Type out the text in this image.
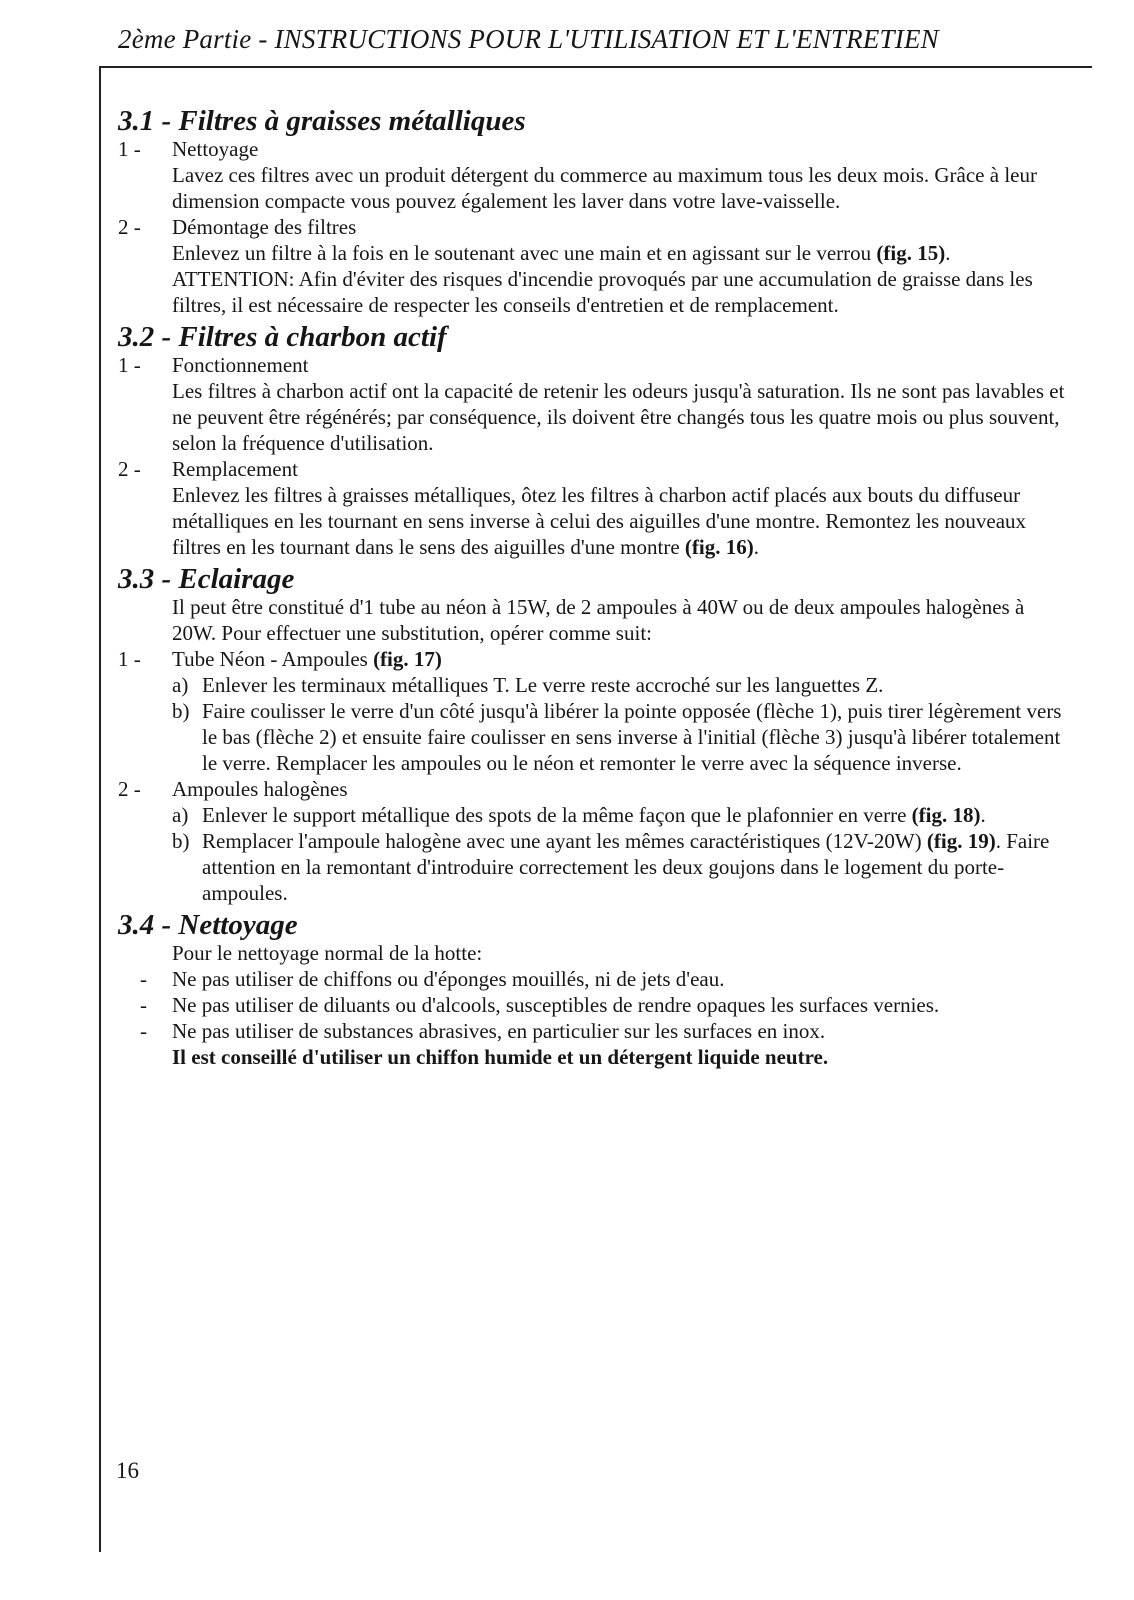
2ème Partie - INSTRUCTIONS POUR L'UTILISATION ET L'ENTRETIEN
3.1 - Filtres à graisses métalliques
1 -	Nettoyage
Lavez ces filtres avec un produit détergent du commerce au maximum tous les deux mois. Grâce à leur dimension compacte vous pouvez également les laver dans votre lave-vaisselle.
2 -	Démontage des filtres
Enlevez un filtre à la fois en le soutenant avec une main et en agissant sur le verrou (fig. 15).
ATTENTION: Afin d'éviter des risques d'incendie provoqués par une accumulation de graisse dans les filtres, il est nécessaire de respecter les conseils d'entretien et de remplacement.
3.2 - Filtres à charbon actif
1 -	Fonctionnement
Les filtres à charbon actif ont la capacité de retenir les odeurs jusqu'à saturation. Ils ne sont pas lavables et ne peuvent être régénérés; par conséquence, ils doivent être changés tous les quatre mois ou plus souvent, selon la fréquence d'utilisation.
2 -	Remplacement
Enlevez les filtres à graisses métalliques, ôtez les filtres à charbon actif placés aux bouts du diffuseur métalliques en les tournant en sens inverse à celui des aiguilles d'une montre. Remontez les nouveaux filtres en les tournant dans le sens des aiguilles d'une montre (fig. 16).
3.3 - Eclairage
Il peut être constitué d'1 tube au néon à 15W, de 2 ampoules à 40W ou de deux ampoules halogènes à 20W. Pour effectuer une substitution, opérer comme suit:
1 -	Tube Néon - Ampoules (fig. 17)
a) Enlever les terminaux métalliques T. Le verre reste accroché sur les languettes Z.
b) Faire coulisser le verre d'un côté jusqu'à libérer la pointe opposée (flèche 1), puis tirer légèrement vers le bas (flèche 2) et ensuite faire coulisser en sens inverse à l'initial (flèche 3) jusqu'à libérer totalement le verre. Remplacer les ampoules ou le néon et remonter le verre avec la séquence inverse.
2 -	Ampoules halogènes
a) Enlever le support métallique des spots de la même façon que le plafonnier en verre (fig. 18).
b) Remplacer l'ampoule halogène avec une ayant les mêmes caractéristiques (12V-20W) (fig. 19). Faire attention en la remontant d'introduire correctement les deux goujons dans le logement du porte-ampoules.
3.4 - Nettoyage
Pour le nettoyage normal de la hotte:
- Ne pas utiliser de chiffons ou d'éponges mouillés, ni de jets d'eau.
- Ne pas utiliser de diluants ou d'alcools, susceptibles de rendre opaques les surfaces vernies.
- Ne pas utiliser de substances abrasives, en particulier sur les surfaces en inox.
Il est conseillé d'utiliser un chiffon humide et un détergent liquide neutre.
16
